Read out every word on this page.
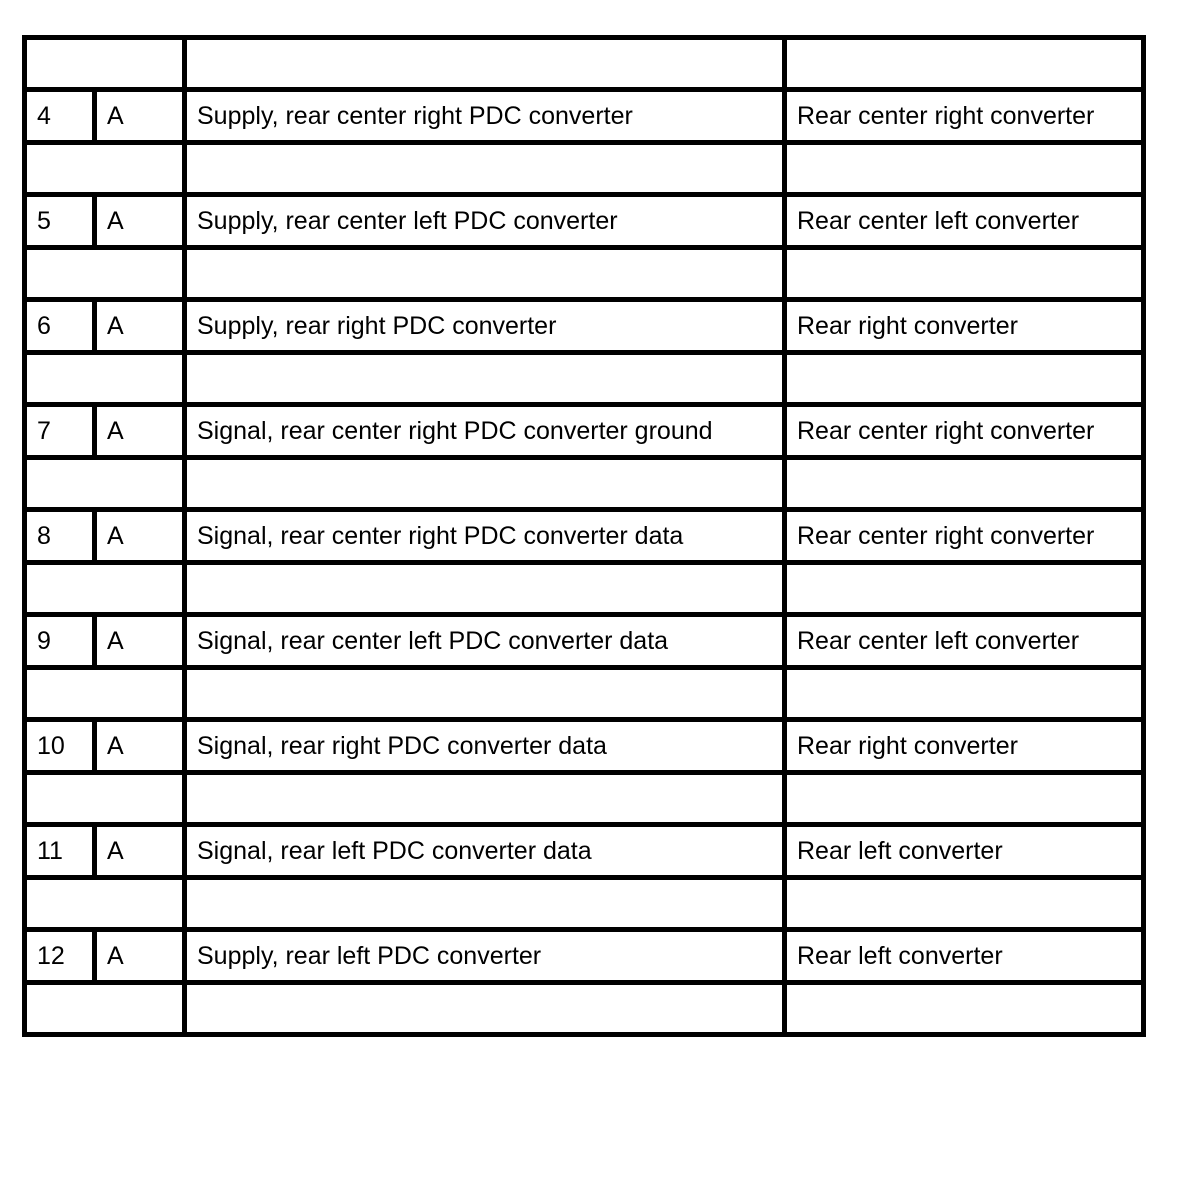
4	A	Supply, rear center right PDC converter	Rear center right converter

5	A	Supply, rear center left PDC converter	Rear center left converter

6	A	Supply, rear right PDC converter	Rear right converter

7	A	Signal, rear center right PDC converter ground	Rear center right converter

8	A	Signal, rear center right PDC converter data	Rear center right converter

9	A	Signal, rear center left PDC converter data	Rear center left converter

10	A	Signal, rear right PDC converter data	Rear right converter

11	A	Signal, rear left PDC converter data	Rear left converter

12	A	Supply, rear left PDC converter	Rear left converter
